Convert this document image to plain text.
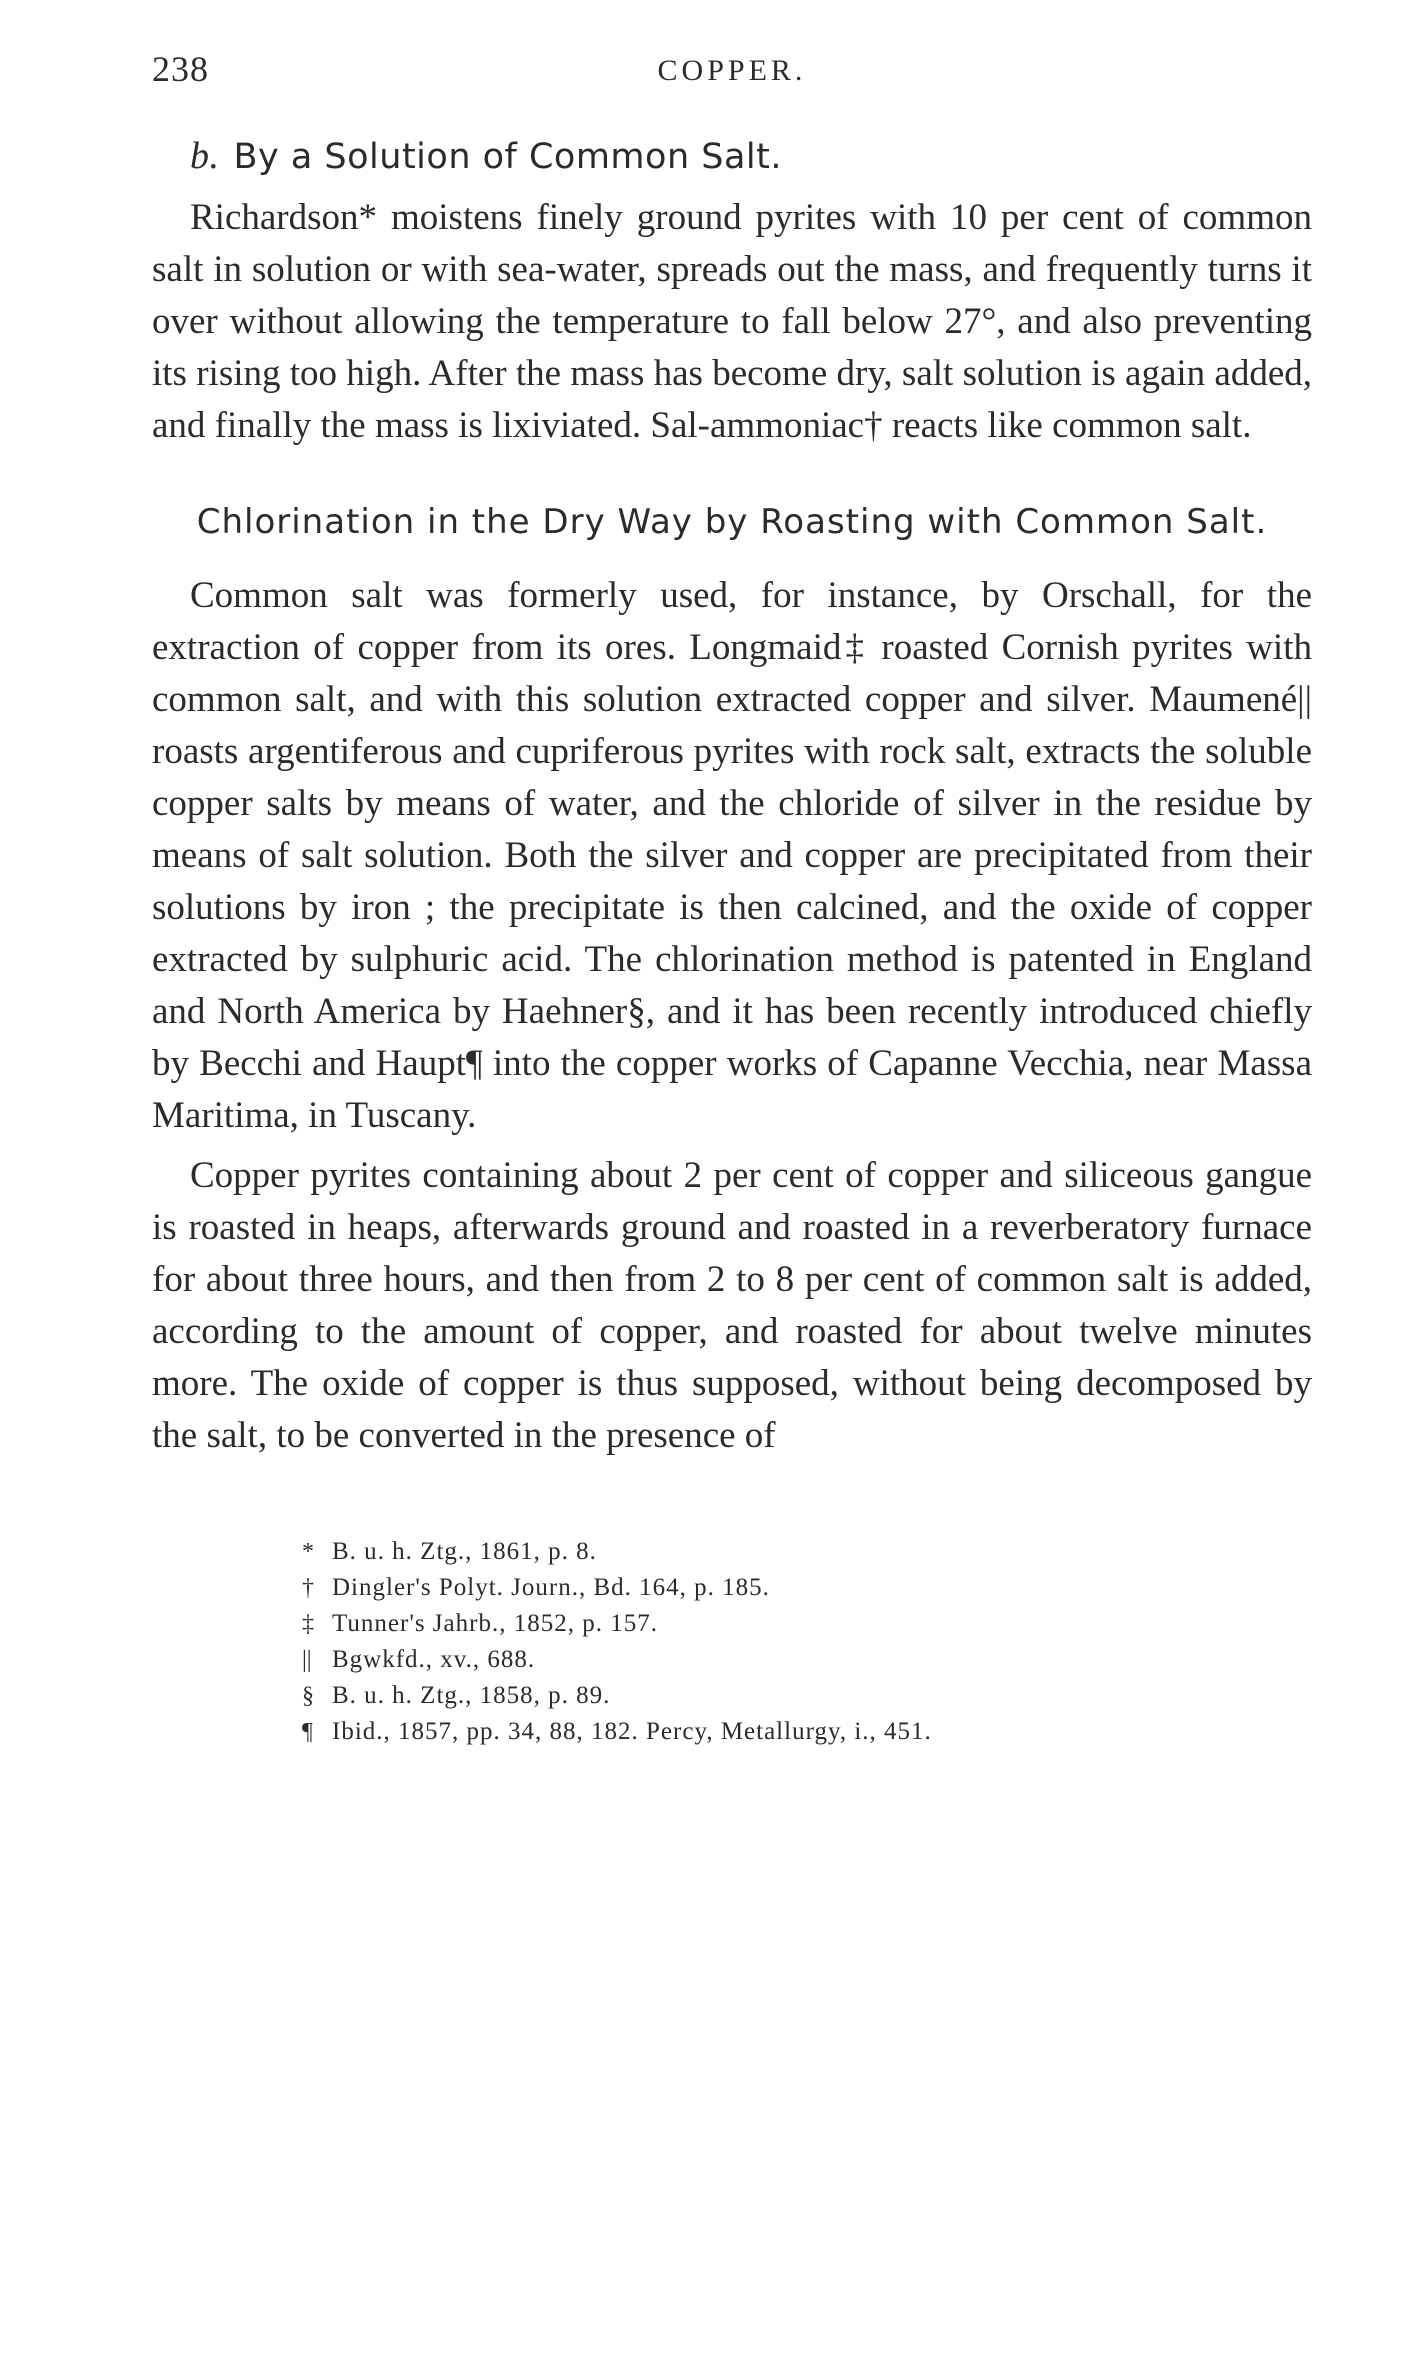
238	COPPER.
b. By a Solution of Common Salt.

Richardson* moistens finely ground pyrites with 10 per cent of common salt in solution or with sea-water, spreads out the mass, and frequently turns it over without allowing the temperature to fall below 27°, and also preventing its rising too high. After the mass has become dry, salt solution is again added, and finally the mass is lixiviated. Sal-ammoniac† reacts like common salt.

Chlorination in the Dry Way by Roasting with Common Salt.

Common salt was formerly used, for instance, by Orschall, for the extraction of copper from its ores. Longmaid‡ roasted Cornish pyrites with common salt, and with this solution extracted copper and silver. Maumené|| roasts argentiferous and cupriferous pyrites with rock salt, extracts the soluble copper salts by means of water, and the chloride of silver in the residue by means of salt solution. Both the silver and copper are precipitated from their solutions by iron ; the precipitate is then calcined, and the oxide of copper extracted by sulphuric acid. The chlorination method is patented in England and North America by Haehner§, and it has been recently introduced chiefly by Becchi and Haupt¶ into the copper works of Capanne Vecchia, near Massa Maritima, in Tuscany.

Copper pyrites containing about 2 per cent of copper and siliceous gangue is roasted in heaps, afterwards ground and roasted in a reverberatory furnace for about three hours, and then from 2 to 8 per cent of common salt is added, according to the amount of copper, and roasted for about twelve minutes more. The oxide of copper is thus supposed, without being decomposed by the salt, to be converted in the presence of

* B. u. h. Ztg., 1861, p. 8.
† Dingler's Polyt. Journ., Bd. 164, p. 185.
‡ Tunner's Jahrb., 1852, p. 157.
|| Bgwkfd., xv., 688.
§ B. u. h. Ztg., 1858, p. 89.
¶ Ibid., 1857, pp. 34, 88, 182. Percy, Metallurgy, i., 451.
